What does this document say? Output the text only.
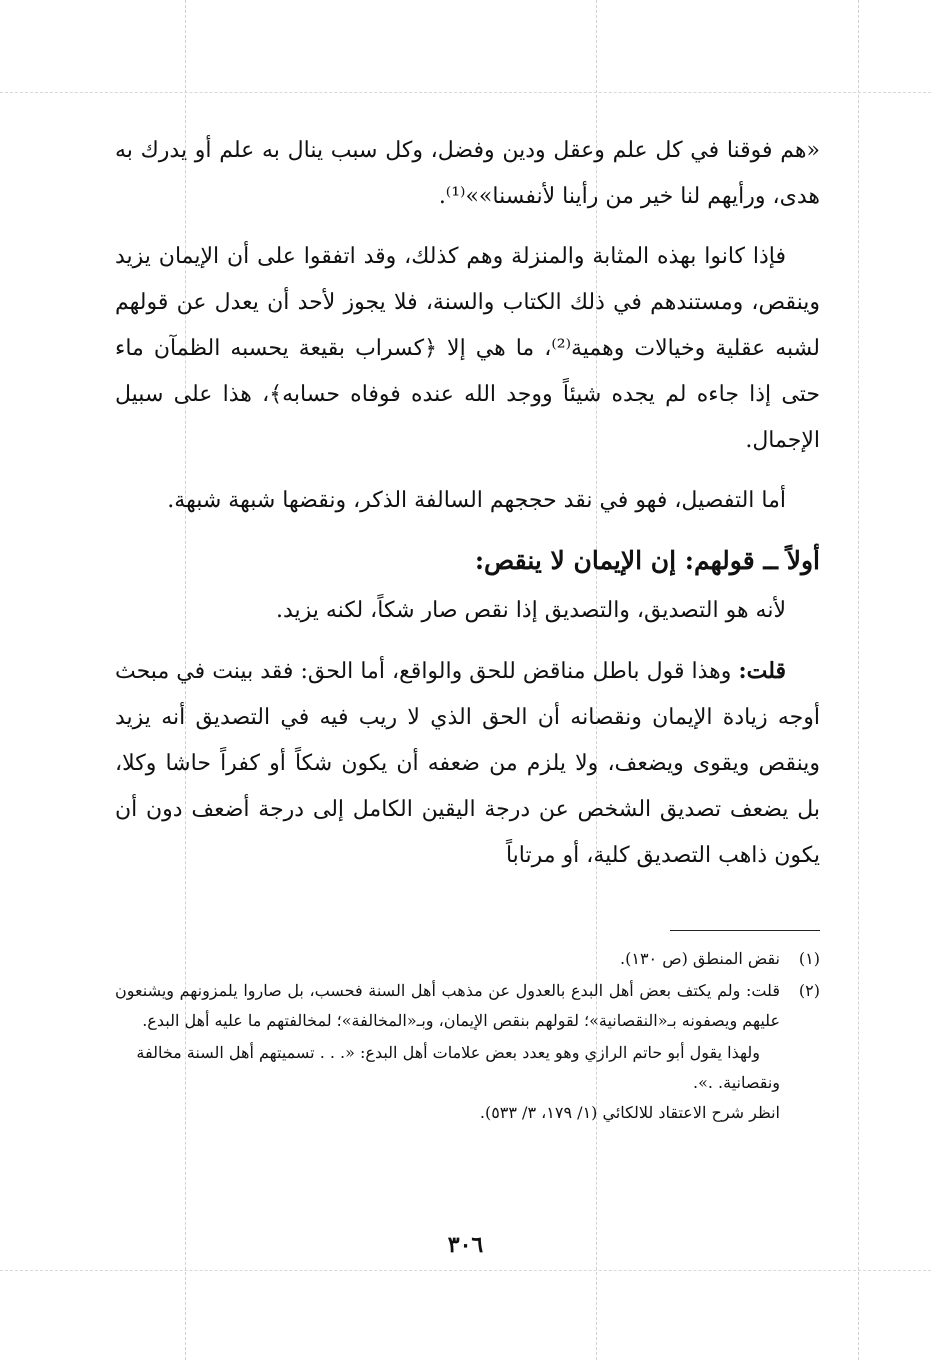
«هم فوقنا في كل علم وعقل ودين وفضل، وكل سبب ينال به علم أو يدرك به هدى، ورأيهم لنا خير من رأينا لأنفسنا»»⁽¹⁾.

فإذا كانوا بهذه المثابة والمنزلة وهم كذلك، وقد اتفقوا على أن الإيمان يزيد وينقص، ومستندهم في ذلك الكتاب والسنة، فلا يجوز لأحد أن يعدل عن قولهم لشبه عقلية وخيالات وهمية⁽²⁾، ما هي إلا ﴿كسراب بقيعة يحسبه الظمآن ماء حتى إذا جاءه لم يجده شيئاً ووجد الله عنده فوفاه حسابه﴾، هذا على سبيل الإجمال.

أما التفصيل، فهو في نقد حججهم السالفة الذكر، ونقضها شبهة شبهة.

أولاً ــ قولهم: إن الإيمان لا ينقص:

لأنه هو التصديق، والتصديق إذا نقص صار شكاً، لكنه يزيد.

قلت: وهذا قول باطل مناقض للحق والواقع، أما الحق: فقد بينت في مبحث أوجه زيادة الإيمان ونقصانه أن الحق الذي لا ريب فيه في التصديق أنه يزيد وينقص ويقوى ويضعف، ولا يلزم من ضعفه أن يكون شكاً أو كفراً حاشا وكلا، بل يضعف تصديق الشخص عن درجة اليقين الكامل إلى درجة أضعف دون أن يكون ذاهب التصديق كلية، أو مرتاباً

(١)
نقض المنطق (ص ١٣٠).
(٢)
قلت: ولم يكتف بعض أهل البدع بالعدول عن مذهب أهل السنة فحسب، بل صاروا يلمزونهم ويشنعون عليهم ويصفونه بـ«النقصانية»؛ لقولهم بنقص الإيمان، وبـ«المخالفة»؛ لمخالفتهم ما عليه أهل البدع.
ولهذا يقول أبو حاتم الرازي وهو يعدد بعض علامات أهل البدع: «. . . تسميتهم أهل السنة مخالفة ونقصانية. .».
انظر شرح الاعتقاد للالكائي (١/ ١٧٩، ٣/ ٥٣٣).
٣٠٦
